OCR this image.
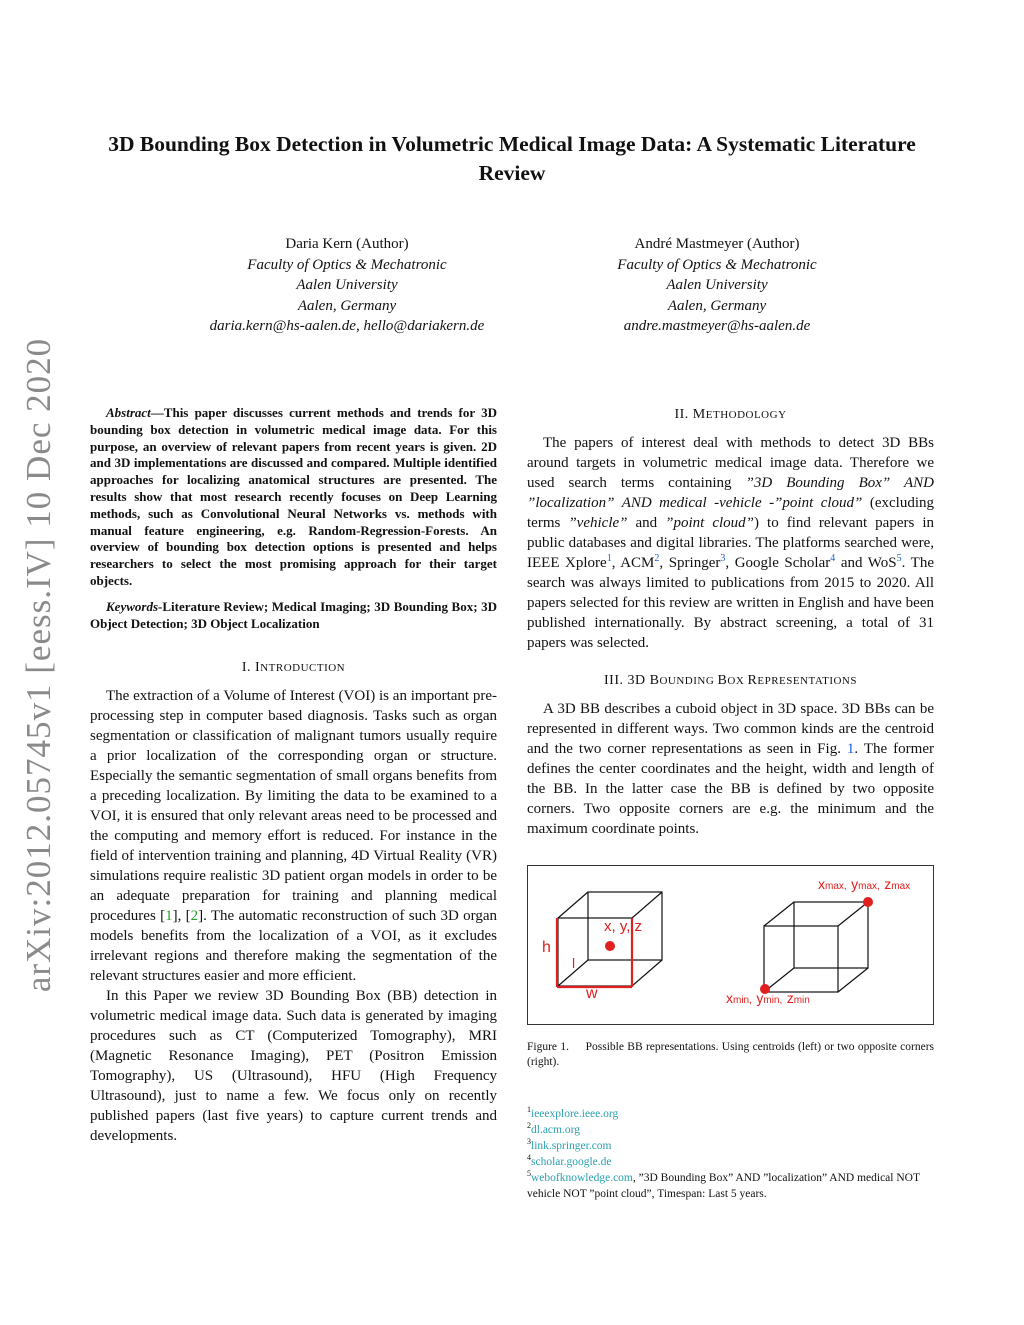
arXiv:2012.05745v1 [eess.IV] 10 Dec 2020
3D Bounding Box Detection in Volumetric Medical Image Data: A Systematic Literature Review
Daria Kern (Author)
Faculty of Optics & Mechatronic
Aalen University
Aalen, Germany
daria.kern@hs-aalen.de, hello@dariakern.de
André Mastmeyer (Author)
Faculty of Optics & Mechatronic
Aalen University
Aalen, Germany
andre.mastmeyer@hs-aalen.de

Abstract—This paper discusses current methods and trends for 3D bounding box detection in volumetric medical image data. For this purpose, an overview of relevant papers from recent years is given. 2D and 3D implementations are discussed and compared. Multiple identified approaches for localizing anatomical structures are presented. The results show that most research recently focuses on Deep Learning methods, such as Convolutional Neural Networks vs. methods with manual feature engineering, e.g. Random-Regression-Forests. An overview of bounding box detection options is presented and helps researchers to select the most promising approach for their target objects.

Keywords-Literature Review; Medical Imaging; 3D Bounding Box; 3D Object Detection; 3D Object Localization

I. INTRODUCTION

The extraction of a Volume of Interest (VOI) is an important pre-processing step in computer based diagnosis. Tasks such as organ segmentation or classification of malignant tumors usually require a prior localization of the corresponding organ or structure. Especially the semantic segmentation of small organs benefits from a preceding localization. By limiting the data to be examined to a VOI, it is ensured that only relevant areas need to be processed and the computing and memory effort is reduced. For instance in the field of intervention training and planning, 4D Virtual Reality (VR) simulations require realistic 3D patient organ models in order to be an adequate preparation for training and planning medical procedures [1], [2]. The automatic reconstruction of such 3D organ models benefits from the localization of a VOI, as it excludes irrelevant regions and therefore making the segmentation of the relevant structures easier and more efficient.

In this Paper we review 3D Bounding Box (BB) detection in volumetric medical image data. Such data is generated by imaging procedures such as CT (Computerized Tomography), MRI (Magnetic Resonance Imaging), PET (Positron Emission Tomography), US (Ultrasound), HFU (High Frequency Ultrasound), just to name a few. We focus only on recently published papers (last five years) to capture current trends and developments.

II. METHODOLOGY

The papers of interest deal with methods to detect 3D BBs around targets in volumetric medical image data. Therefore we used search terms containing ”3D Bounding Box” AND ”localization” AND medical -vehicle -”point cloud” (excluding terms ”vehicle” and ”point cloud”) to find relevant papers in public databases and digital libraries. The platforms searched were, IEEE Xplore$^1$, ACM$^2$, Springer$^3$, Google Scholar$^4$ and WoS$^5$. The search was always limited to publications from 2015 to 2020. All papers selected for this review are written in English and have been published internationally. By abstract screening, a total of 31 papers was selected.

III. 3D BOUNDING BOX REPRESENTATIONS

A 3D BB describes a cuboid object in 3D space. 3D BBs can be represented in different ways. Two common kinds are the centroid and the two corner representations as seen in Fig. 1. The former defines the center coordinates and the height, width and length of the BB. In the latter case the BB is defined by two opposite corners. Two opposite corners are e.g. the minimum and the maximum coordinate points.

x, y, z
h
l
w
xmax, ymax, zmax
xmin, ymin, zmin
Figure 1.     Possible BB representations. Using centroids (left) or two opposite corners (right).

$^1$ieeexplore.ieee.org

$^2$dl.acm.org

$^3$link.springer.com

$^4$scholar.google.de

$^5$webofknowledge.com, ”3D Bounding Box” AND ”localization” AND medical NOT vehicle NOT ”point cloud”, Timespan: Last 5 years.
